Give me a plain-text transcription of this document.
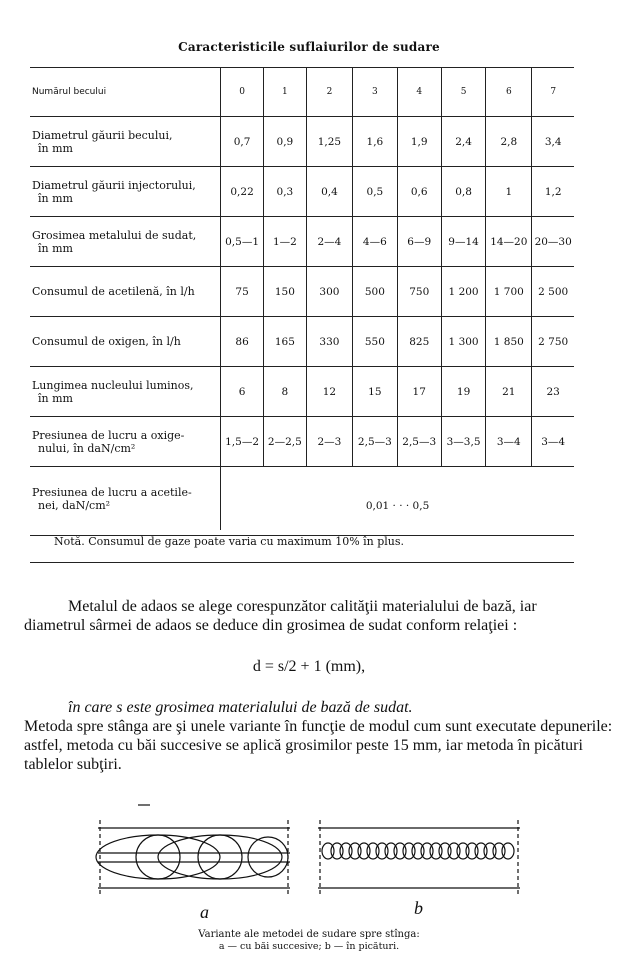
Caracteristicile suflaiurilor de sudare
Numărul becului	0	1	2	3	4	5	6	7
Diametrul găurii becului,
în mm	0,7	0,9	1,25	1,6	1,9	2,4	2,8	3,4
Diametrul găurii injectorului,
în mm	0,22	0,3	0,4	0,5	0,6	0,8	1	1,2
Grosimea metalului de sudat,
în mm	0,5—1	1—2	2—4	4—6	6—9	9—14	14—20	20—30
Consumul de acetilenă, în l/h	75	150	300	500	750	1 200	1 700	2 500
Consumul de oxigen, în l/h	86	165	330	550	825	1 300	1 850	2 750
Lungimea nucleului luminos,
în mm	6	8	12	15	17	19	21	23
Presiunea de lucru a oxige-
nului, în daN/cm²	1,5—2	2—2,5	2—3	2,5—3	2,5—3	3—3,5	3—4	3—4
Presiunea de lucru a acetile-
nei, daN/cm²	0,01 · · · 0,5							
Notă. Consumul de gaze poate varia cu maximum 10% în plus.								
Metalul de adaos se alege corespunzător calităţii materialului de bază, iar
diametrul sârmei de adaos se deduce din grosimea de sudat conform relaţiei :
d = s/2 + 1 (mm),
în care s este grosimea materialului de bază de sudat.
Metoda spre stânga are şi unele variante în funcţie de modul cum sunt executate depunerile: astfel, metoda cu băi succesive se aplică grosimilor peste 15 mm, iar metoda în picături tablelor subţiri.
a	b
Variante ale metodei de sudare spre stînga:
a — cu băi succesive; b — în picături.
